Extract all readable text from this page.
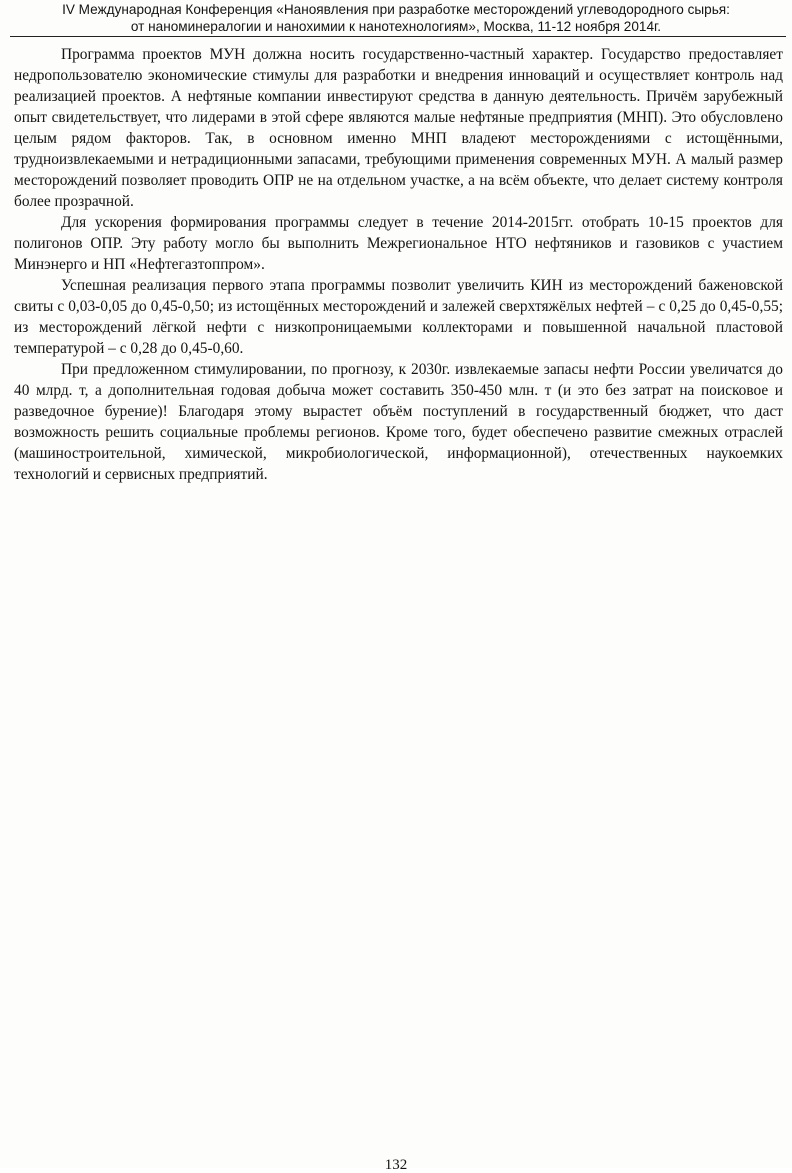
IV Международная Конференция «Наноявления при разработке месторождений углеводородного сырья:
от наноминералогии и нанохимии к нанотехнологиям», Москва, 11-12 ноября 2014г.

Программа проектов МУН должна носить государственно-частный характер. Государство предоставляет недропользователю экономические стимулы для разработки и внедрения инноваций и осуществляет контроль над реализацией проектов. А нефтяные компании инвестируют средства в данную деятельность. Причём зарубежный опыт свидетельствует, что лидерами в этой сфере являются малые нефтяные предприятия (МНП). Это обусловлено целым рядом факторов. Так, в основном именно МНП владеют месторождениями с истощёнными, трудноизвлекаемыми и нетрадиционными запасами, требующими применения современных МУН. А малый размер месторождений позволяет проводить ОПР не на отдельном участке, а на всём объекте, что делает систему контроля более прозрачной.

Для ускорения формирования программы следует в течение 2014-2015гг. отобрать 10-15 проектов для полигонов ОПР. Эту работу могло бы выполнить Межрегиональное НТО нефтяников и газовиков с участием Минэнерго и НП «Нефтегазтоппром».

Успешная реализация первого этапа программы позволит увеличить КИН из месторождений баженовской свиты с 0,03-0,05 до 0,45-0,50; из истощённых месторождений и залежей сверхтяжёлых нефтей – с 0,25 до 0,45-0,55; из месторождений лёгкой нефти с низкопроницаемыми коллекторами и повышенной начальной пластовой температурой – с 0,28 до 0,45-0,60.

При предложенном стимулировании, по прогнозу, к 2030г. извлекаемые запасы нефти России увеличатся до 40 млрд. т, а дополнительная годовая добыча может составить 350-450 млн. т (и это без затрат на поисковое и разведочное бурение)! Благодаря этому вырастет объём поступлений в государственный бюджет, что даст возможность решить социальные проблемы регионов. Кроме того, будет обеспечено развитие смежных отраслей (машиностроительной, химической, микробиологической, информационной), отечественных наукоемких технологий и сервисных предприятий.

132
